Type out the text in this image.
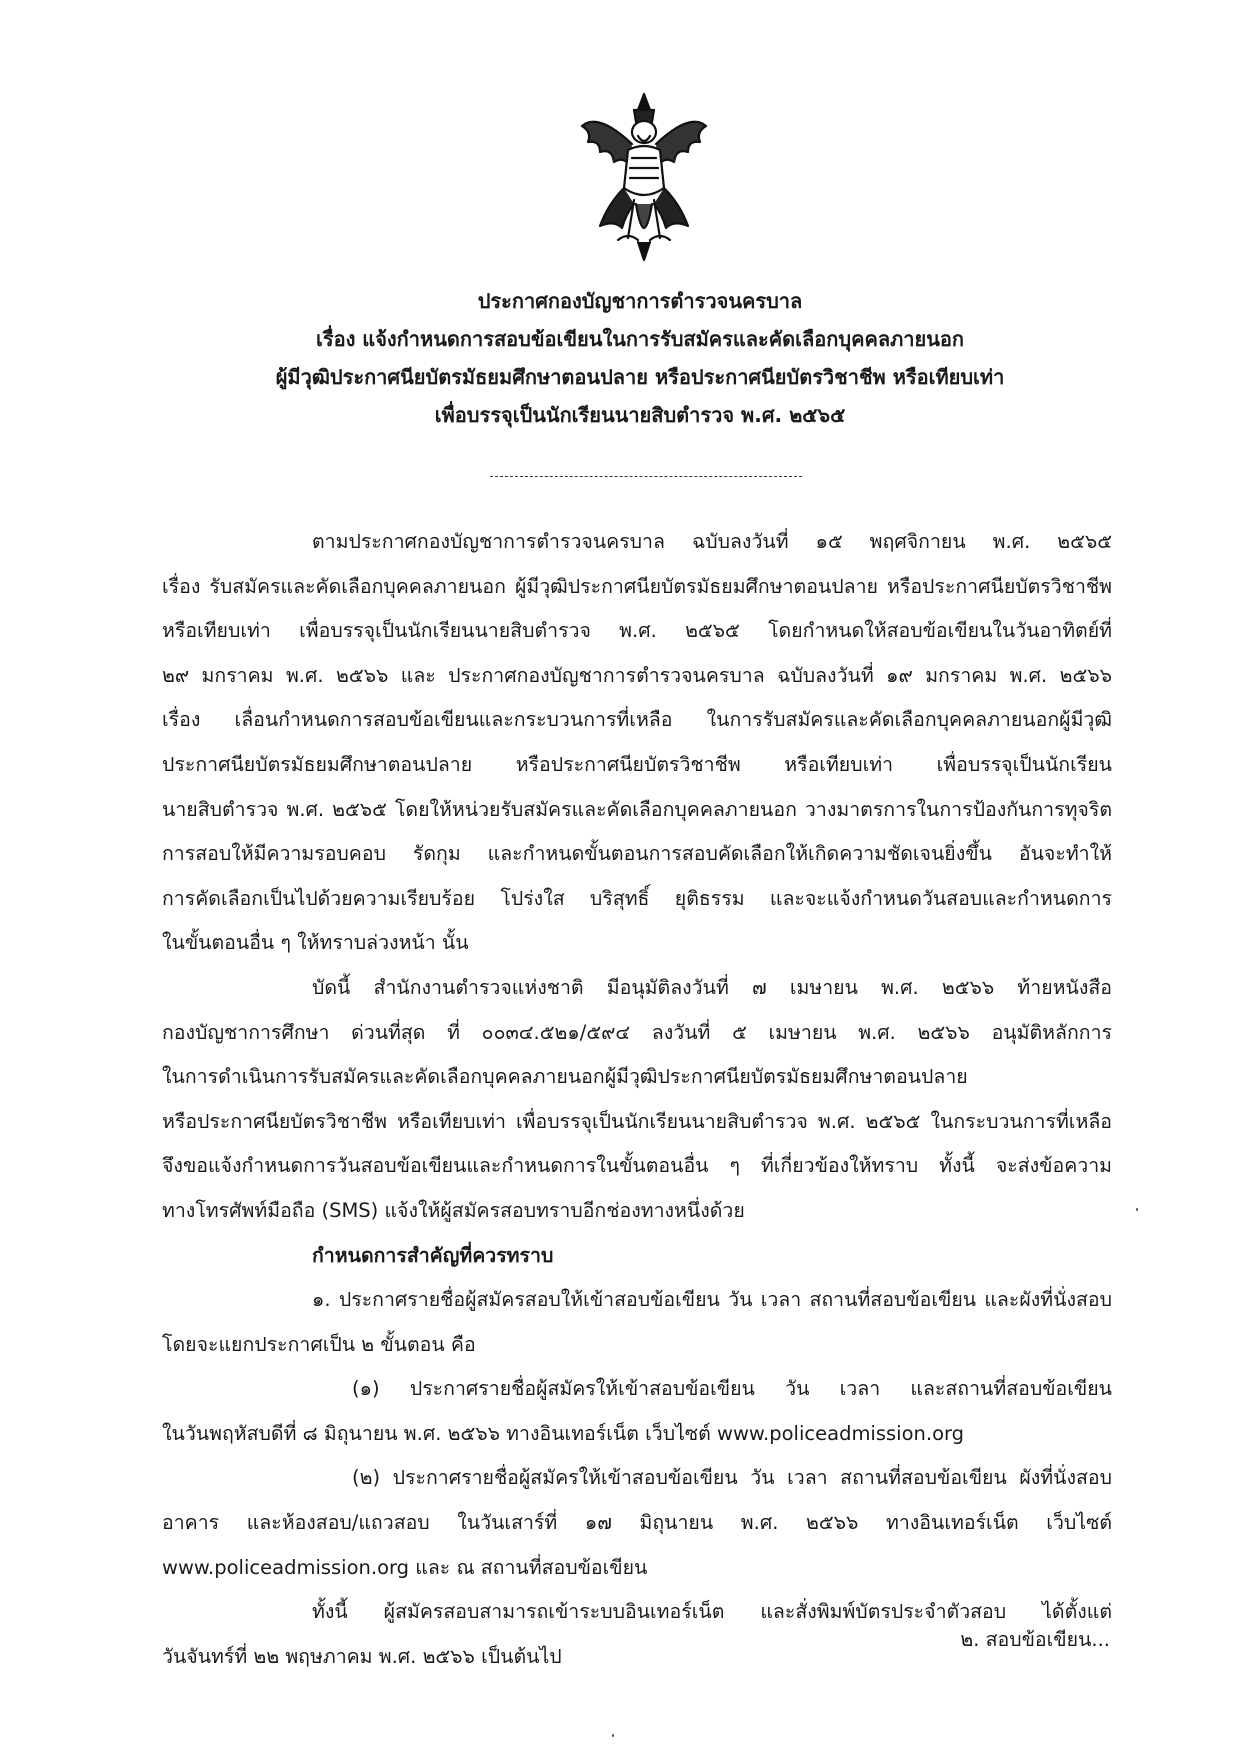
ประกาศกองบัญชาการตำรวจนครบาล
เรื่อง แจ้งกำหนดการสอบข้อเขียนในการรับสมัครและคัดเลือกบุคคลภายนอก
ผู้มีวุฒิประกาศนียบัตรมัธยมศึกษาตอนปลาย หรือประกาศนียบัตรวิชาชีพ หรือเทียบเท่า
เพื่อบรรจุเป็นนักเรียนนายสิบตำรวจ พ.ศ. ๒๕๖๕
ตามประกาศกองบัญชาการตำรวจนครบาล ฉบับลงวันที่ ๑๕ พฤศจิกายน พ.ศ. ๒๕๖๕
เรื่อง รับสมัครและคัดเลือกบุคคลภายนอก ผู้มีวุฒิประกาศนียบัตรมัธยมศึกษาตอนปลาย หรือประกาศนียบัตรวิชาชีพ
หรือเทียบเท่า เพื่อบรรจุเป็นนักเรียนนายสิบตำรวจ พ.ศ. ๒๕๖๕ โดยกำหนดให้สอบข้อเขียนในวันอาทิตย์ที่
๒๙ มกราคม พ.ศ. ๒๕๖๖ และ ประกาศกองบัญชาการตำรวจนครบาล ฉบับลงวันที่ ๑๙ มกราคม พ.ศ. ๒๕๖๖
เรื่อง เลื่อนกำหนดการสอบข้อเขียนและกระบวนการที่เหลือ ในการรับสมัครและคัดเลือกบุคคลภายนอกผู้มีวุฒิ
ประกาศนียบัตรมัธยมศึกษาตอนปลาย หรือประกาศนียบัตรวิชาชีพ หรือเทียบเท่า เพื่อบรรจุเป็นนักเรียน
นายสิบตำรวจ พ.ศ. ๒๕๖๕ โดยให้หน่วยรับสมัครและคัดเลือกบุคคลภายนอก วางมาตรการในการป้องกันการทุจริต
การสอบให้มีความรอบคอบ รัดกุม และกำหนดขั้นตอนการสอบคัดเลือกให้เกิดความชัดเจนยิ่งขึ้น อันจะทำให้
การคัดเลือกเป็นไปด้วยความเรียบร้อย โปร่งใส บริสุทธิ์ ยุติธรรม และจะแจ้งกำหนดวันสอบและกำหนดการ
ในขั้นตอนอื่น ๆ ให้ทราบล่วงหน้า นั้น
บัดนี้ สำนักงานตำรวจแห่งชาติ มีอนุมัติลงวันที่ ๗ เมษายน พ.ศ. ๒๕๖๖ ท้ายหนังสือ
กองบัญชาการศึกษา ด่วนที่สุด ที่ ๐๐๓๔.๕๒๑/๕๙๔ ลงวันที่ ๕ เมษายน พ.ศ. ๒๕๖๖ อนุมัติหลักการ
ในการดำเนินการรับสมัครและคัดเลือกบุคคลภายนอกผู้มีวุฒิประกาศนียบัตรมัธยมศึกษาตอนปลาย
หรือประกาศนียบัตรวิชาชีพ หรือเทียบเท่า เพื่อบรรจุเป็นนักเรียนนายสิบตำรวจ พ.ศ. ๒๕๖๕ ในกระบวนการที่เหลือ
จึงขอแจ้งกำหนดการวันสอบข้อเขียนและกำหนดการในขั้นตอนอื่น ๆ ที่เกี่ยวข้องให้ทราบ ทั้งนี้ จะส่งข้อความ
ทางโทรศัพท์มือถือ (SMS) แจ้งให้ผู้สมัครสอบทราบอีกช่องทางหนึ่งด้วย
กำหนดการสำคัญที่ควรทราบ
๑. ประกาศรายชื่อผู้สมัครสอบให้เข้าสอบข้อเขียน วัน เวลา สถานที่สอบข้อเขียน และผังที่นั่งสอบ
โดยจะแยกประกาศเป็น ๒ ขั้นตอน คือ
(๑) ประกาศรายชื่อผู้สมัครให้เข้าสอบข้อเขียน วัน เวลา และสถานที่สอบข้อเขียน
ในวันพฤหัสบดีที่ ๘ มิถุนายน พ.ศ. ๒๕๖๖ ทางอินเทอร์เน็ต เว็บไซต์ www.policeadmission.org
(๒) ประกาศรายชื่อผู้สมัครให้เข้าสอบข้อเขียน วัน เวลา สถานที่สอบข้อเขียน ผังที่นั่งสอบ
อาคาร และห้องสอบ/แถวสอบ ในวันเสาร์ที่ ๑๗ มิถุนายน พ.ศ. ๒๕๖๖ ทางอินเทอร์เน็ต เว็บไซต์
www.policeadmission.org และ ณ สถานที่สอบข้อเขียน
ทั้งนี้ ผู้สมัครสอบสามารถเข้าระบบอินเทอร์เน็ต และสั่งพิมพ์บัตรประจำตัวสอบ ได้ตั้งแต่
วันจันทร์ที่ ๒๒ พฤษภาคม พ.ศ. ๒๕๖๖ เป็นต้นไป
๒. สอบข้อเขียน...
